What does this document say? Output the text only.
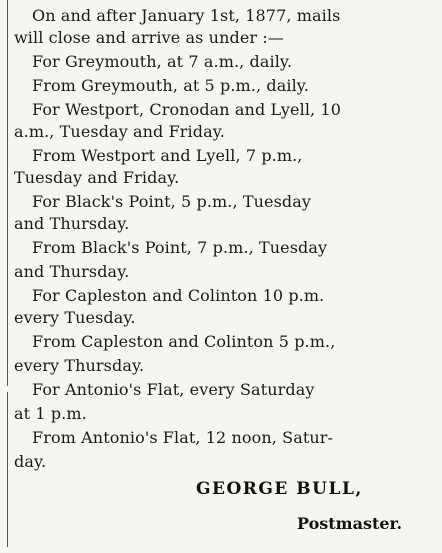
On and after January 1st, 1877, mails
will close and arrive as under :—
For Greymouth, at 7 a.m., daily.
From Greymouth, at 5 p.m., daily.
For Westport, Cronodan and Lyell, 10
a.m., Tuesday and Friday.
From Westport and Lyell, 7 p.m.,
Tuesday and Friday.
For Black's Point, 5 p.m., Tuesday
and Thursday.
From Black's Point, 7 p.m., Tuesday
and Thursday.
For Capleston and Colinton 10 p.m.
every Tuesday.
From Capleston and Colinton 5 p.m.,
every Thursday.
For Antonio's Flat, every Saturday
at 1 p.m.
From Antonio's Flat, 12 noon, Satur-
day.
GEORGE BULL,
Postmaster.
